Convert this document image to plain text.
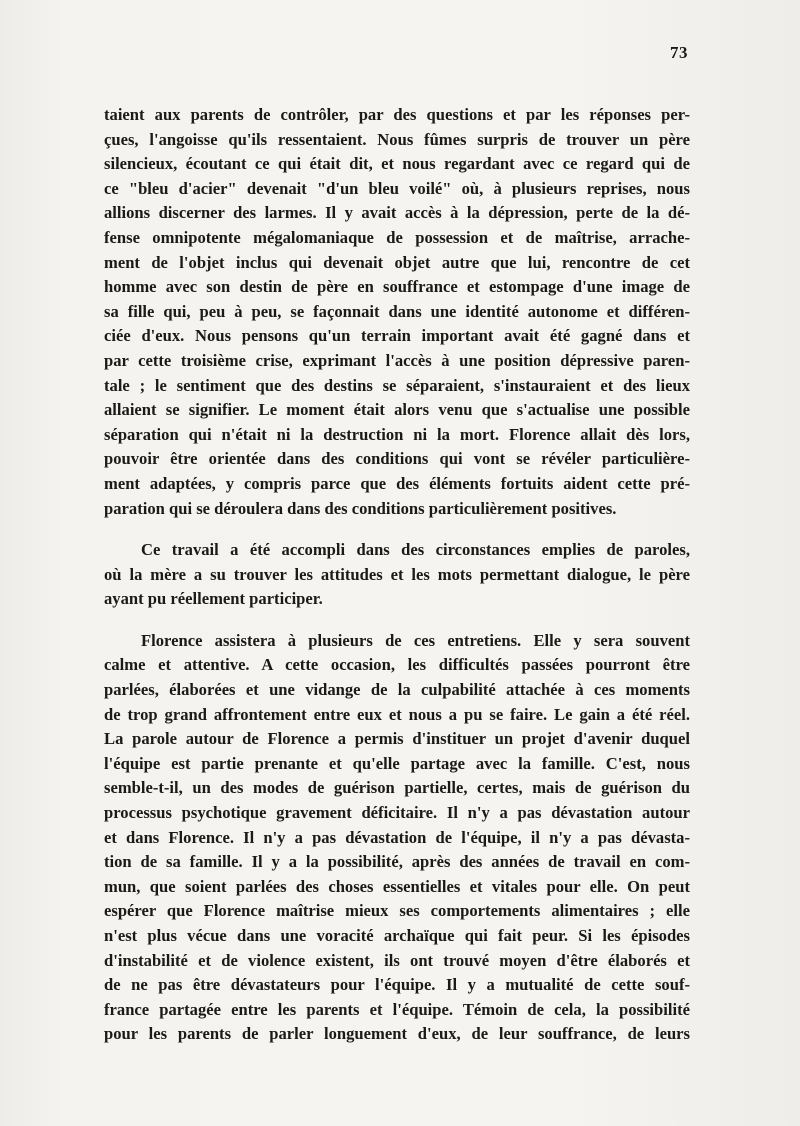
73
taient aux parents de contrôler, par des questions et par les réponses per-
çues, l'angoisse qu'ils ressentaient. Nous fûmes surpris de trouver un père
silencieux, écoutant ce qui était dit, et nous regardant avec ce regard qui de
ce "bleu d'acier" devenait "d'un bleu voilé" où, à plusieurs reprises, nous
allions discerner des larmes. Il y avait accès à la dépression, perte de la dé-
fense omnipotente mégalomaniaque de possession et de maîtrise, arrache-
ment de l'objet inclus qui devenait objet autre que lui, rencontre de cet
homme avec son destin de père en souffrance et estompage d'une image de
sa fille qui, peu à peu, se façonnait dans une identité autonome et différen-
ciée d'eux. Nous pensons qu'un terrain important avait été gagné dans et
par cette troisième crise, exprimant l'accès à une position dépressive paren-
tale ; le sentiment que des destins se séparaient, s'instauraient et des lieux
allaient se signifier. Le moment était alors venu que s'actualise une possible
séparation qui n'était ni la destruction ni la mort. Florence allait dès lors,
pouvoir être orientée dans des conditions qui vont se révéler particulière-
ment adaptées, y compris parce que des éléments fortuits aident cette pré-
paration qui se déroulera dans des conditions particulièrement positives.
Ce travail a été accompli dans des circonstances emplies de paroles,
où la mère a su trouver les attitudes et les mots permettant dialogue, le père
ayant pu réellement participer.
Florence assistera à plusieurs de ces entretiens. Elle y sera souvent
calme et attentive. A cette occasion, les difficultés passées pourront être
parlées, élaborées et une vidange de la culpabilité attachée à ces moments
de trop grand affrontement entre eux et nous a pu se faire. Le gain a été réel.
La parole autour de Florence a permis d'instituer un projet d'avenir duquel
l'équipe est partie prenante et qu'elle partage avec la famille. C'est, nous
semble-t-il, un des modes de guérison partielle, certes, mais de guérison du
processus psychotique gravement déficitaire. Il n'y a pas dévastation autour
et dans Florence. Il n'y a pas dévastation de l'équipe, il n'y a pas dévasta-
tion de sa famille. Il y a la possibilité, après des années de travail en com-
mun, que soient parlées des choses essentielles et vitales pour elle. On peut
espérer que Florence maîtrise mieux ses comportements alimentaires ; elle
n'est plus vécue dans une voracité archaïque qui fait peur. Si les épisodes
d'instabilité et de violence existent, ils ont trouvé moyen d'être élaborés et
de ne pas être dévastateurs pour l'équipe. Il y a mutualité de cette souf-
france partagée entre les parents et l'équipe. Témoin de cela, la possibilité
pour les parents de parler longuement d'eux, de leur souffrance, de leurs
